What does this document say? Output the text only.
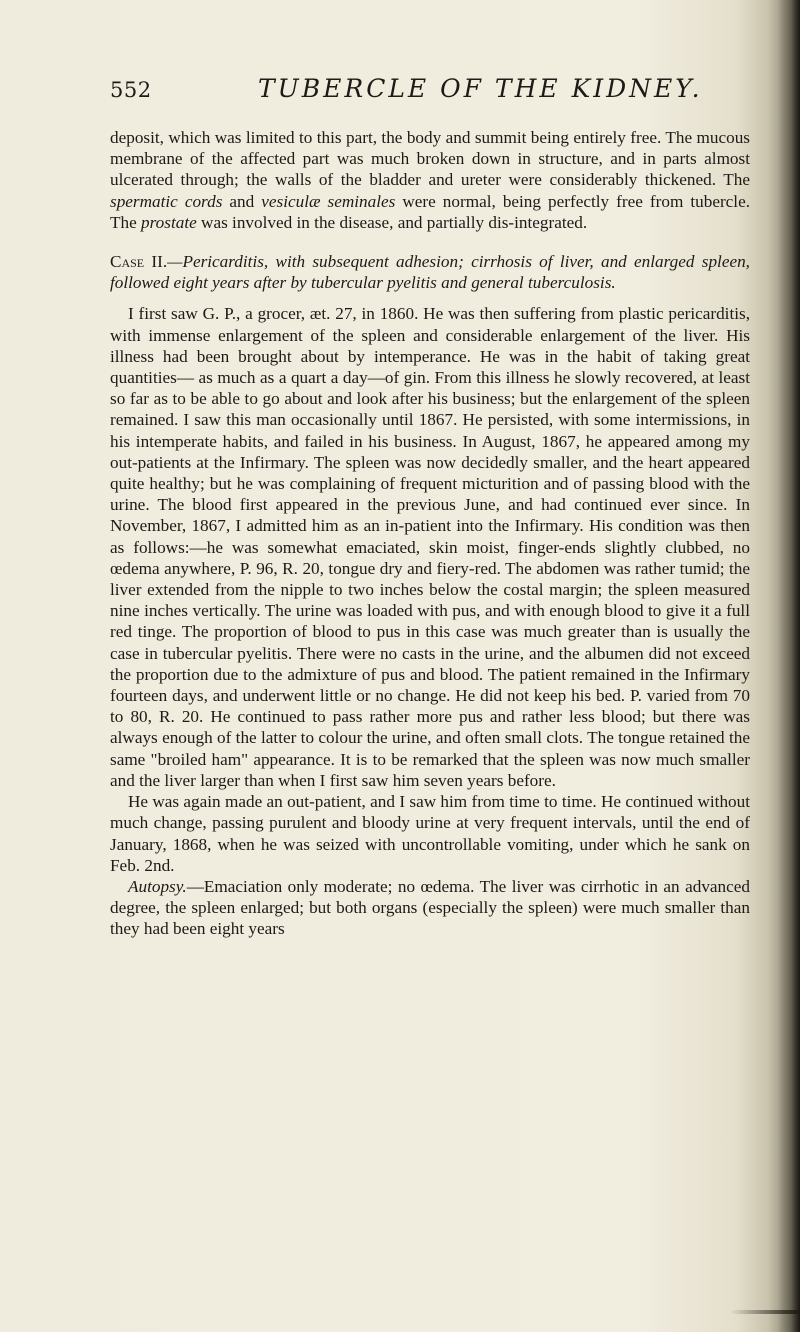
552	TUBERCLE OF THE KIDNEY.

deposit, which was limited to this part, the body and summit being entirely free. The mucous membrane of the affected part was much broken down in structure, and in parts almost ulcerated through; the walls of the bladder and ureter were considerably thickened. The spermatic cords and vesiculæ seminales were normal, being perfectly free from tubercle. The prostate was involved in the disease, and partially dis-integrated.

Case II.—Pericarditis, with subsequent adhesion; cirrhosis of liver, and enlarged spleen, followed eight years after by tubercular pyelitis and general tuberculosis.

I first saw G. P., a grocer, æt. 27, in 1860. He was then suffering from plastic pericarditis, with immense enlargement of the spleen and considerable enlargement of the liver. His illness had been brought about by intemperance. He was in the habit of taking great quantities— as much as a quart a day—of gin. From this illness he slowly recovered, at least so far as to be able to go about and look after his business; but the enlargement of the spleen remained. I saw this man occasionally until 1867. He persisted, with some intermissions, in his intemperate habits, and failed in his business. In August, 1867, he appeared among my out-patients at the Infirmary. The spleen was now decidedly smaller, and the heart appeared quite healthy; but he was complaining of frequent micturition and of passing blood with the urine. The blood first appeared in the previous June, and had continued ever since. In November, 1867, I admitted him as an in-patient into the Infirmary. His condition was then as follows:—he was somewhat emaciated, skin moist, finger-ends slightly clubbed, no œdema anywhere, P. 96, R. 20, tongue dry and fiery-red. The abdomen was rather tumid; the liver extended from the nipple to two inches below the costal margin; the spleen measured nine inches vertically. The urine was loaded with pus, and with enough blood to give it a full red tinge. The proportion of blood to pus in this case was much greater than is usually the case in tubercular pyelitis. There were no casts in the urine, and the albumen did not exceed the proportion due to the admixture of pus and blood. The patient remained in the Infirmary fourteen days, and underwent little or no change. He did not keep his bed. P. varied from 70 to 80, R. 20. He continued to pass rather more pus and rather less blood; but there was always enough of the latter to colour the urine, and often small clots. The tongue retained the same "broiled ham" appearance. It is to be remarked that the spleen was now much smaller and the liver larger than when I first saw him seven years before.

He was again made an out-patient, and I saw him from time to time. He continued without much change, passing purulent and bloody urine at very frequent intervals, until the end of January, 1868, when he was seized with uncontrollable vomiting, under which he sank on Feb. 2nd.

Autopsy.—Emaciation only moderate; no œdema. The liver was cirrhotic in an advanced degree, the spleen enlarged; but both organs (especially the spleen) were much smaller than they had been eight years
